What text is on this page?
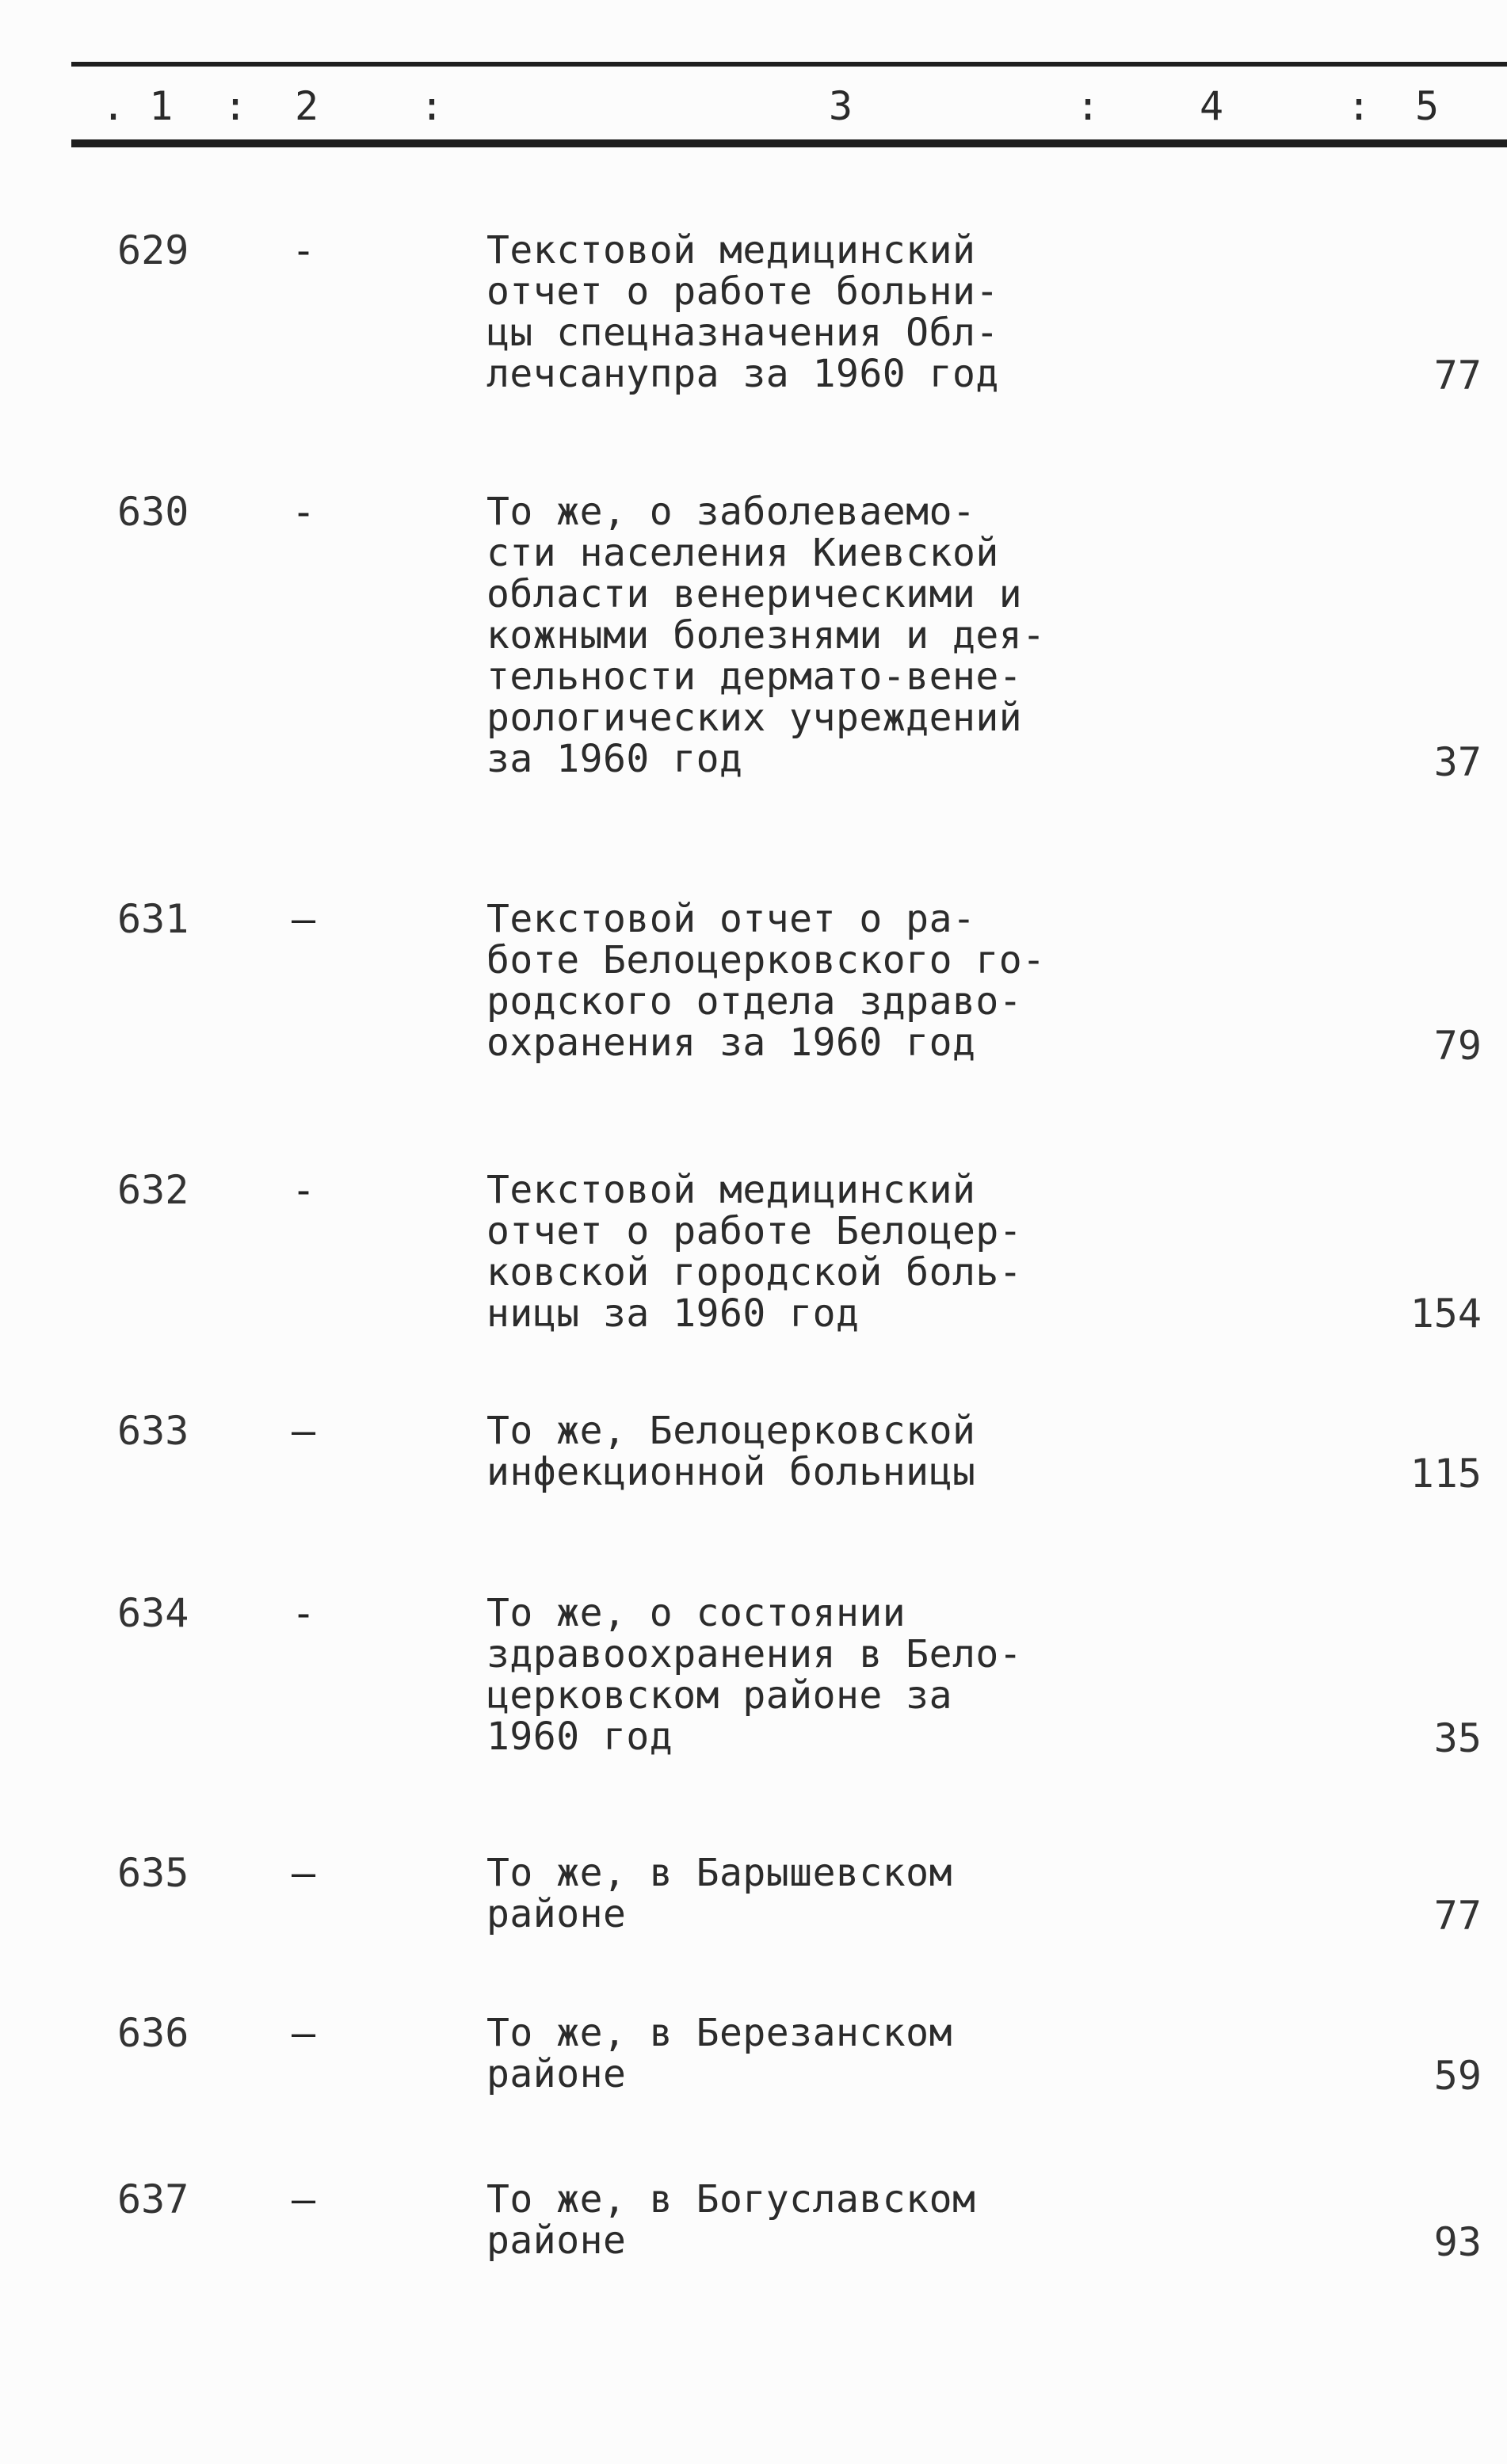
. 1 : 2	:	3	:	4	: 5
629	-	Текстовой медицинский
отчет о работе больни-
цы спецназначения Обл-
лечсанупра за 1960 год	77
630	-	То же, о заболеваемо-
сти населения Киевской
области венерическими и
кожными болезнями и дея-
тельности дермато-вене-
рологических учреждений
за 1960 год	37
631	–	Текстовой отчет о ра-
боте Белоцерковского го-
родского отдела здраво-
охранения за 1960 год	79
632	-	Текстовой медицинский
отчет о работе Белоцер-
ковской городской боль-
ницы за 1960 год	154
633	–	То же, Белоцерковской
инфекционной больницы	115
634	-	То же, о состоянии
здравоохранения в Бело-
церковском районе за
1960 год	35
635	–	То же, в Барышевском
районе	77
636	–	То же, в Березанском
районе	59
637	–	То же, в Богуславском
районе	93
